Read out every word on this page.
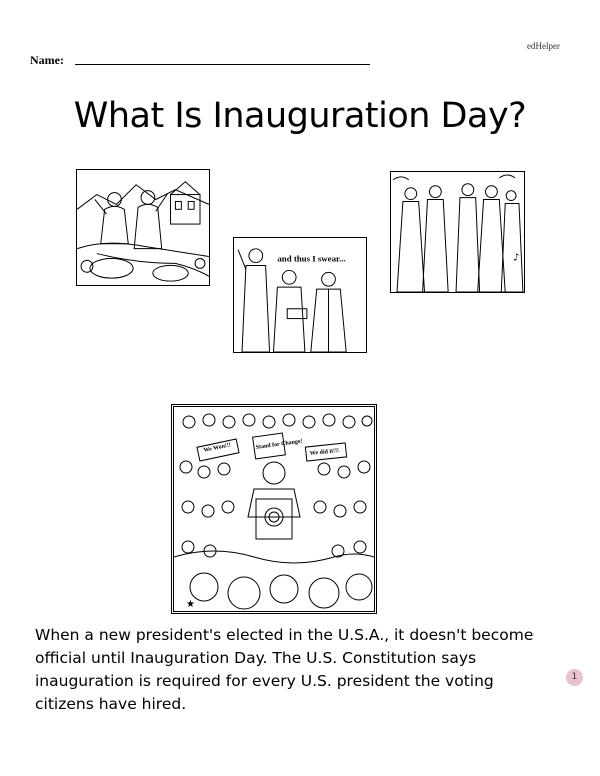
edHelper
Name:
What Is Inauguration Day?
and thus I swear...	♪
★
We Won!!!	Stand for Change!
We did it!!!

When a new president's elected in the U.S.A., it doesn't become official until Inauguration Day. The U.S. Constitution says inauguration is required for every U.S. president the voting citizens have hired.

1
